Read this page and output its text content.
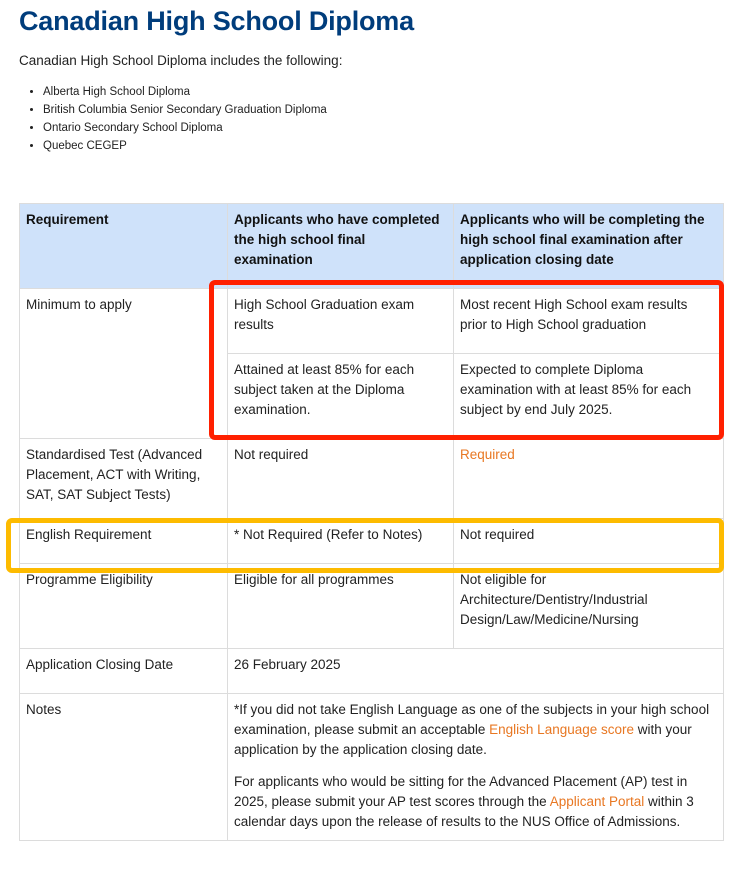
Canadian High School Diploma

Canadian High School Diploma includes the following:

• Alberta High School Diploma
• British Columbia Senior Secondary Graduation Diploma
• Ontario Secondary School Diploma
• Quebec CEGEP
Requirement	Applicants who have completed the high school final examination	Applicants who will be completing the high school final examination after application closing date
Minimum to apply	High School Graduation exam results	Most recent High School exam results prior to High School graduation
	Attained at least 85% for each subject taken at the Diploma examination.	Expected to complete Diploma examination with at least 85% for each subject by end July 2025.
Standardised Test (Advanced Placement, ACT with Writing, SAT, SAT Subject Tests)	Not required	Required
English Requirement	* Not Required (Refer to Notes)	Not required
Programme Eligibility	Eligible for all programmes	Not eligible for Architecture/Dentistry/Industrial Design/Law/Medicine/Nursing
Application Closing Date	26 February 2025	
Notes	*If you did not take English Language as one of the subjects in your high school examination, please submit an acceptable English Language score with your application by the application closing date.

For applicants who would be sitting for the Advanced Placement (AP) test in 2025, please submit your AP test scores through the Applicant Portal within 3 calendar days upon the release of results to the NUS Office of Admissions.	
